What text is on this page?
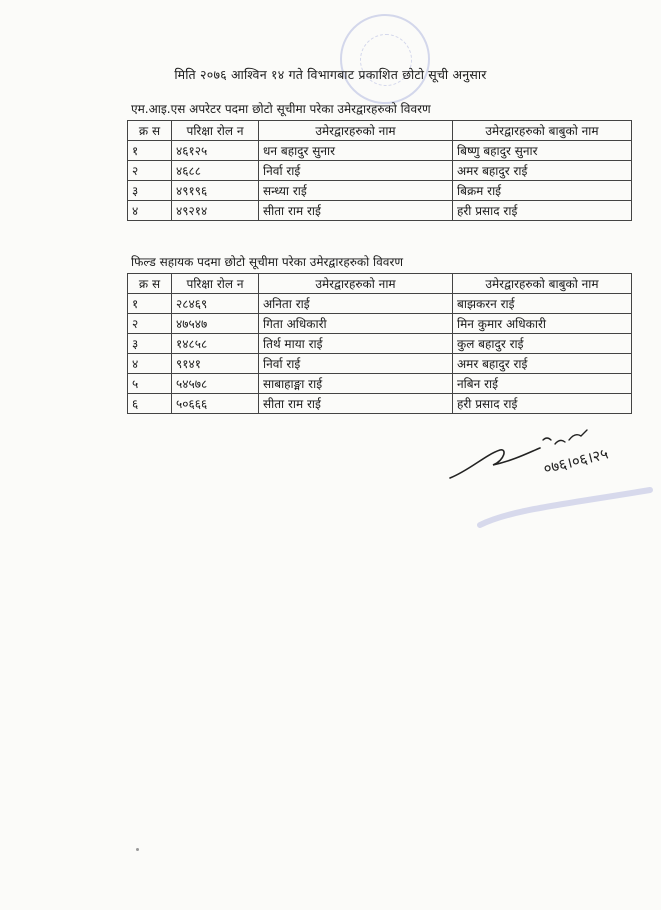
मिति २०७६ आश्विन १४ गते विभागबाट प्रकाशित छोटो सूची अनुसार
एम.आइ.एस अपरेटर पदमा छोटो सूचीमा परेका उमेरद्वारहरुको विवरण
क्र स	परिक्षा रोल न	उमेरद्वारहरुको नाम	उमेरद्वारहरुको बाबुको नाम
१	४६१२५	धन बहादुर सुनार	बिष्णु बहादुर सुनार
२	४६८८	निर्वा राई	अमर बहादुर राई
३	४९१९६	सन्ध्या राई	बिक्रम राई
४	४९२१४	सीता राम राई	हरी प्रसाद राई
फिल्ड सहायक पदमा छोटो सूचीमा परेका उमेरद्वारहरुको विवरण
क्र स	परिक्षा रोल न	उमेरद्वारहरुको नाम	उमेरद्वारहरुको बाबुको नाम
१	२८४६९	अनिता राई	बाझकरन राई
२	४७५४७	गिता अधिकारी	मिन कुमार अधिकारी
३	१४८५८	तिर्थ माया राई	कुल बहादुर राई
४	९१४१	निर्वा राई	अमर बहादुर राई
५	५४५७८	साबाहाङ्मा राई	नबिन राई
६	५०६६६	सीता राम राई	हरी प्रसाद राई
०७६।०६।२५
